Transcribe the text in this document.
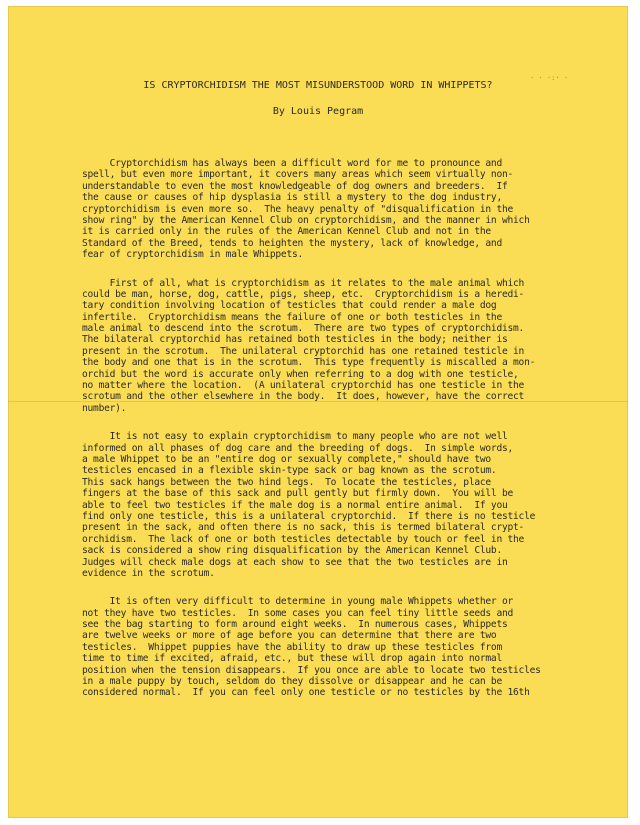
· · ·:· ·
IS CRYPTORCHIDISM THE MOST MISUNDERSTOOD WORD IN WHIPPETS?
By Louis Pegram
Cryptorchidism has always been a difficult word for me to pronounce and
spell, but even more important, it covers many areas which seem virtually non-
understandable to even the most knowledgeable of dog owners and breeders.  If
the cause or causes of hip dysplasia is still a mystery to the dog industry,
cryptorchidism is even more so.  The heavy penalty of "disqualification in the
show ring" by the American Kennel Club on cryptorchidism, and the manner in which
it is carried only in the rules of the American Kennel Club and not in the
Standard of the Breed, tends to heighten the mystery, lack of knowledge, and
fear of cryptorchidism in male Whippets.
First of all, what is cryptorchidism as it relates to the male animal which
could be man, horse, dog, cattle, pigs, sheep, etc.  Cryptorchidism is a heredi-
tary condition involving location of testicles that could render a male dog
infertile.  Cryptorchidism means the failure of one or both testicles in the
male animal to descend into the scrotum.  There are two types of cryptorchidism.
The bilateral cryptorchid has retained both testicles in the body; neither is
present in the scrotum.  The unilateral cryptorchid has one retained testicle in
the body and one that is in the scrotum.  This type frequently is miscalled a mon-
orchid but the word is accurate only when referring to a dog with one testicle,
no matter where the location.  (A unilateral cryptorchid has one testicle in the
scrotum and the other elsewhere in the body.  It does, however, have the correct
number).
It is not easy to explain cryptorchidism to many people who are not well
informed on all phases of dog care and the breeding of dogs.  In simple words,
a male Whippet to be an "entire dog or sexually complete," should have two
testicles encased in a flexible skin-type sack or bag known as the scrotum.
This sack hangs between the two hind legs.  To locate the testicles, place
fingers at the base of this sack and pull gently but firmly down.  You will be
able to feel two testicles if the male dog is a normal entire animal.  If you
find only one testicle, this is a unilateral cryptorchid.  If there is no testicle
present in the sack, and often there is no sack, this is termed bilateral crypt-
orchidism.  The lack of one or both testicles detectable by touch or feel in the
sack is considered a show ring disqualification by the American Kennel Club.
Judges will check male dogs at each show to see that the two testicles are in
evidence in the scrotum.
It is often very difficult to determine in young male Whippets whether or
not they have two testicles.  In some cases you can feel tiny little seeds and
see the bag starting to form around eight weeks.  In numerous cases, Whippets
are twelve weeks or more of age before you can determine that there are two
testicles.  Whippet puppies have the ability to draw up these testicles from
time to time if excited, afraid, etc., but these will drop again into normal
position when the tension disappears.  If you once are able to locate two testicles
in a male puppy by touch, seldom do they dissolve or disappear and he can be
considered normal.  If you can feel only one testicle or no testicles by the 16th
